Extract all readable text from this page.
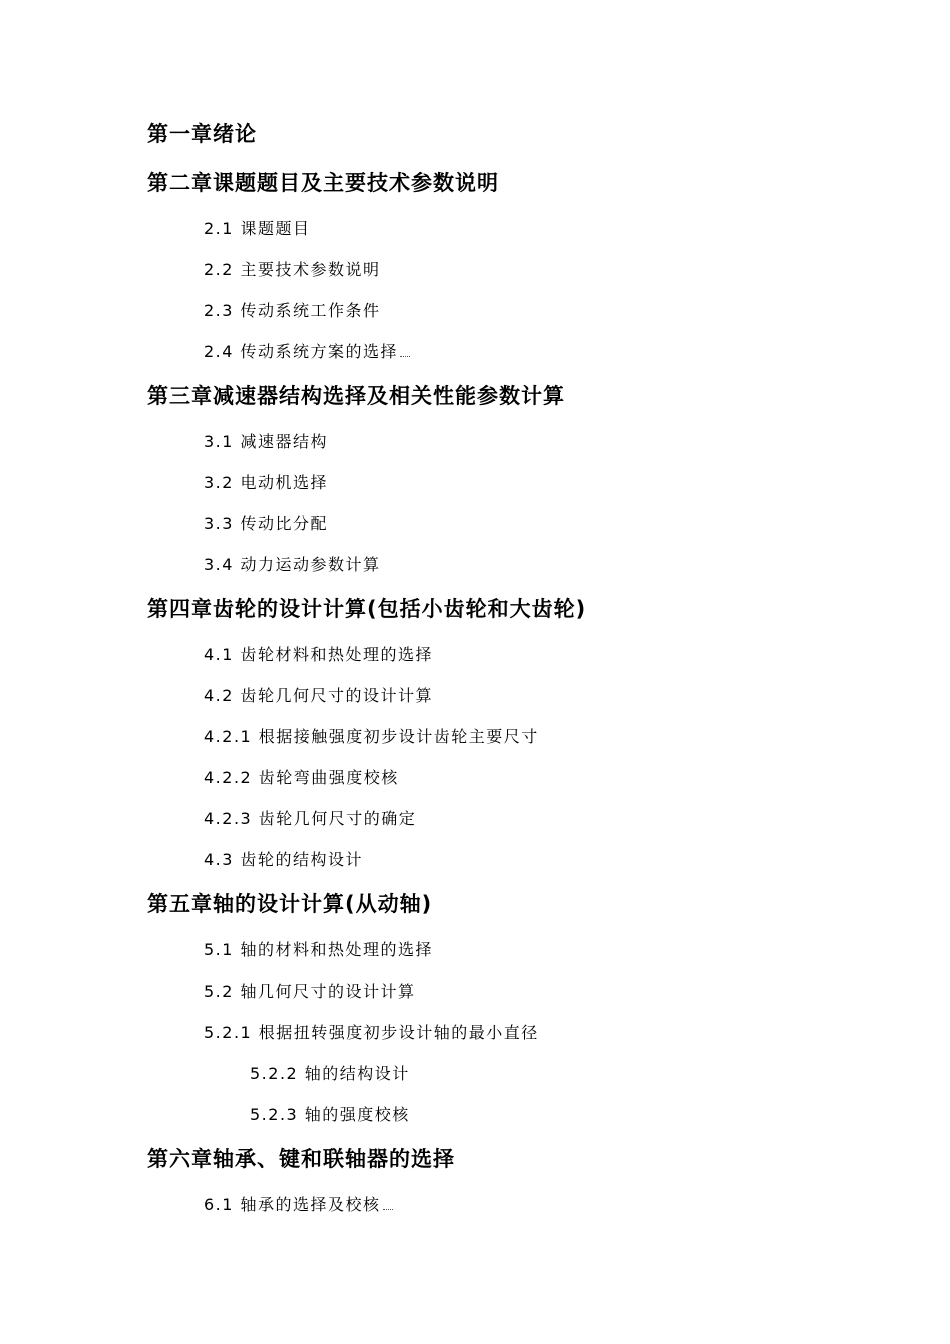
第一章绪论
第二章课题题目及主要技术参数说明
2.1 课题题目
2.2 主要技术参数说明
2.3 传动系统工作条件
2.4 传动系统方案的选择
第三章减速器结构选择及相关性能参数计算
3.1 减速器结构
3.2 电动机选择
3.3 传动比分配
3.4 动力运动参数计算
第四章齿轮的设计计算(包括小齿轮和大齿轮)
4.1 齿轮材料和热处理的选择
4.2 齿轮几何尺寸的设计计算
4.2.1 根据接触强度初步设计齿轮主要尺寸
4.2.2 齿轮弯曲强度校核
4.2.3 齿轮几何尺寸的确定
4.3 齿轮的结构设计
第五章轴的设计计算(从动轴)
5.1 轴的材料和热处理的选择
5.2 轴几何尺寸的设计计算
5.2.1 根据扭转强度初步设计轴的最小直径
5.2.2 轴的结构设计
5.2.3 轴的强度校核
第六章轴承、键和联轴器的选择
6.1 轴承的选择及校核
